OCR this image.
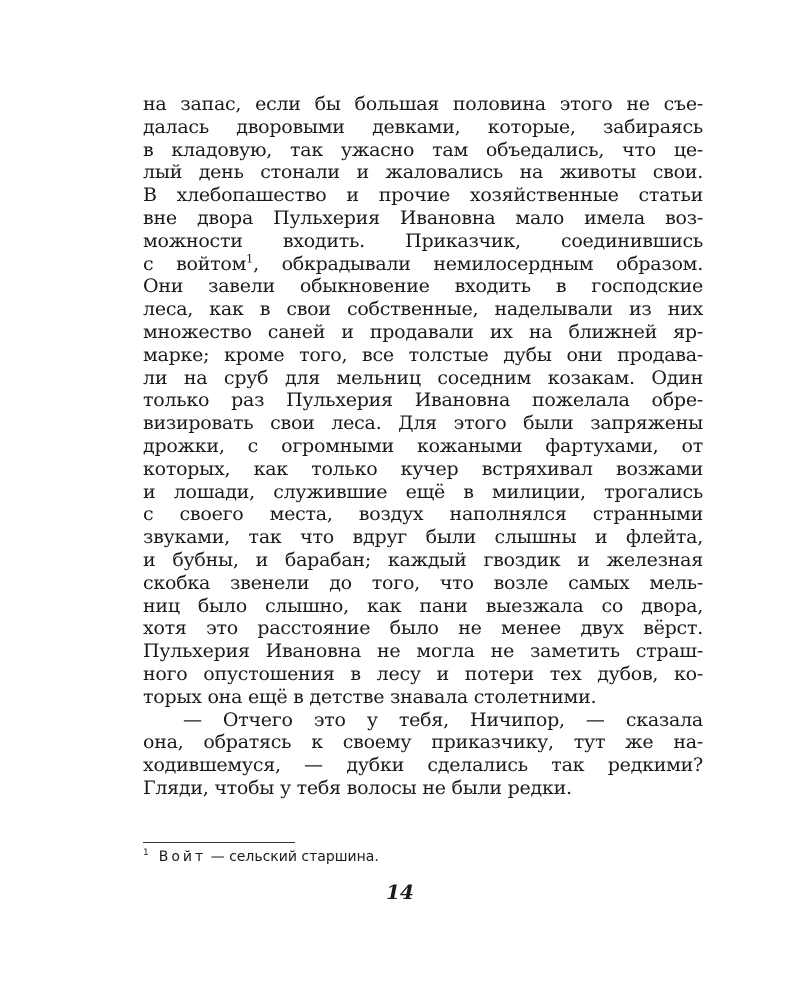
на запас, если бы большая половина этого не съе-
далась дворовыми девками, которые, забираясь
в кладовую, так ужасно там объедались, что це-
лый день стонали и жаловались на животы свои.
В хлебопашество и прочие хозяйственные статьи
вне двора Пульхерия Ивановна мало имела воз-
можности входить. Приказчик, соединившись
с войтом$^1$, обкрадывали немилосердным образом.
Они завели обыкновение входить в господские
леса, как в свои собственные, наделывали из них
множество саней и продавали их на ближней яр-
марке; кроме того, все толстые дубы они продава-
ли на сруб для мельниц соседним козакам. Один
только раз Пульхерия Ивановна пожелала обре-
визировать свои леса. Для этого были запряжены
дрожки, с огромными кожаными фартухами, от
которых, как только кучер встряхивал возжами
и лошади, служившие ещё в милиции, трогались
с своего места, воздух наполнялся странными
звуками, так что вдруг были слышны и флейта,
и бубны, и барабан; каждый гвоздик и железная
скобка звенели до того, что возле самых мель-
ниц было слышно, как пани выезжала со двора,
хотя это расстояние было не менее двух вёрст.
Пульхерия Ивановна не могла не заметить страш-
ного опустошения в лесу и потери тех дубов, ко-
торых она ещё в детстве знавала столетними.
— Отчего это у тебя, Ничипор, — сказала
она, обратясь к своему приказчику, тут же на-
ходившемуся, — дубки сделались так редкими?
Гляди, чтобы у тебя волосы не были редки.
$^1$ Войт — сельский старшина.
14
